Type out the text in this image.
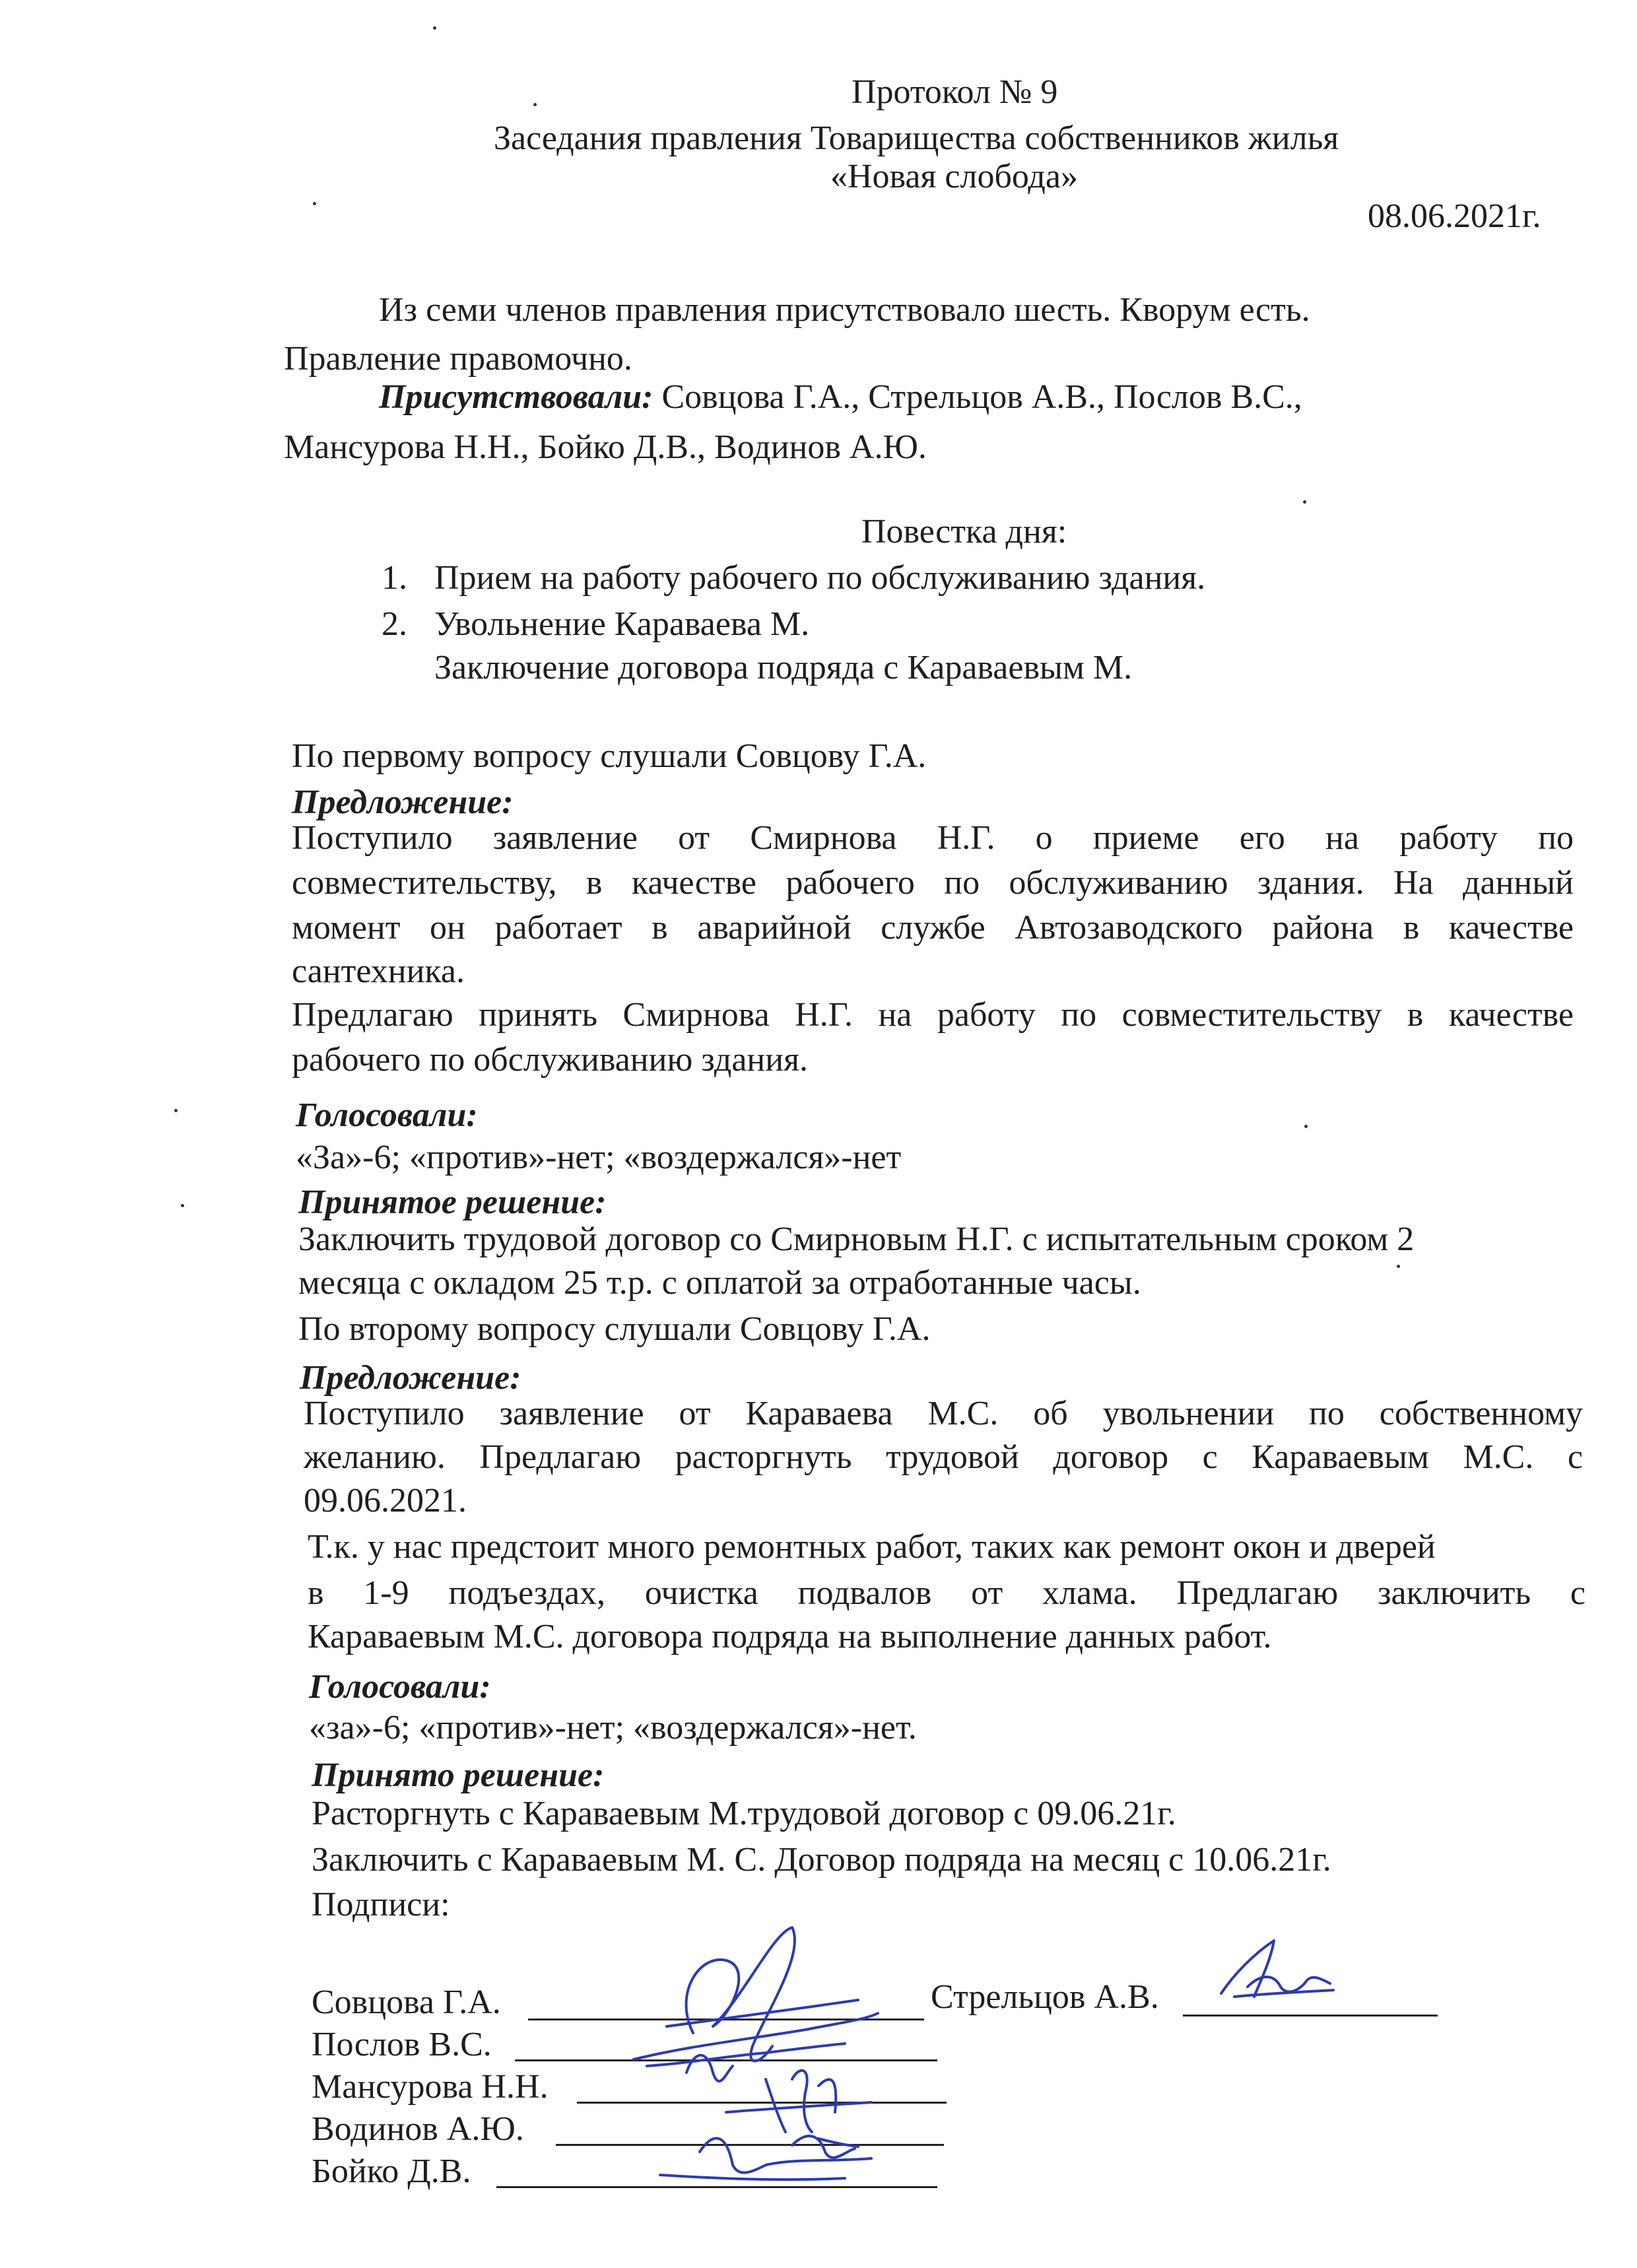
Протокол № 9
Заседания правления Товарищества собственников жилья
«Новая слобода»
08.06.2021г.
Из семи членов правления присутствовало шесть. Кворум есть.
Правление правомочно.
Присутствовали: Совцова Г.А., Стрельцов А.В., Послов В.С.,
Мансурова Н.Н., Бойко Д.В., Водинов А.Ю.
Повестка дня:
1. Прием на работу рабочего по обслуживанию здания.
2. Увольнение Караваева М.
Заключение договора подряда с Караваевым М.
По первому вопросу слушали Совцову Г.А.
Предложение:
Поступило заявление от Смирнова Н.Г. о приеме его на работу по
совместительству, в качестве рабочего по обслуживанию здания. На данный
момент он работает в аварийной службе Автозаводского района в качестве
сантехника.
Предлагаю принять Смирнова Н.Г. на работу по совместительству в качестве
рабочего по обслуживанию здания.
Голосовали:
«За»-6; «против»-нет; «воздержался»-нет
Принятое решение:
Заключить трудовой договор со Смирновым Н.Г. с испытательным сроком 2
месяца с окладом 25 т.р. с оплатой за отработанные часы.
По второму вопросу слушали Совцову Г.А.
Предложение:
Поступило заявление от Караваева М.С. об увольнении по собственному
желанию. Предлагаю расторгнуть трудовой договор с Караваевым М.С. с
09.06.2021.
Т.к. у нас предстоит много ремонтных работ, таких как ремонт окон и дверей
в 1-9 подъездах, очистка подвалов от хлама. Предлагаю заключить с
Караваевым М.С. договора подряда на выполнение данных работ.
Голосовали:
«за»-6; «против»-нет; «воздержался»-нет.
Принято решение:
Расторгнуть с Караваевым М.трудовой договор с 09.06.21г.
Заключить с Караваевым М. С. Договор подряда на месяц с 10.06.21г.
Подписи:
Совцова Г.А.	Стрельцов А.В.
Послов В.С.
Мансурова Н.Н.
Водинов А.Ю.
Бойко Д.В.
